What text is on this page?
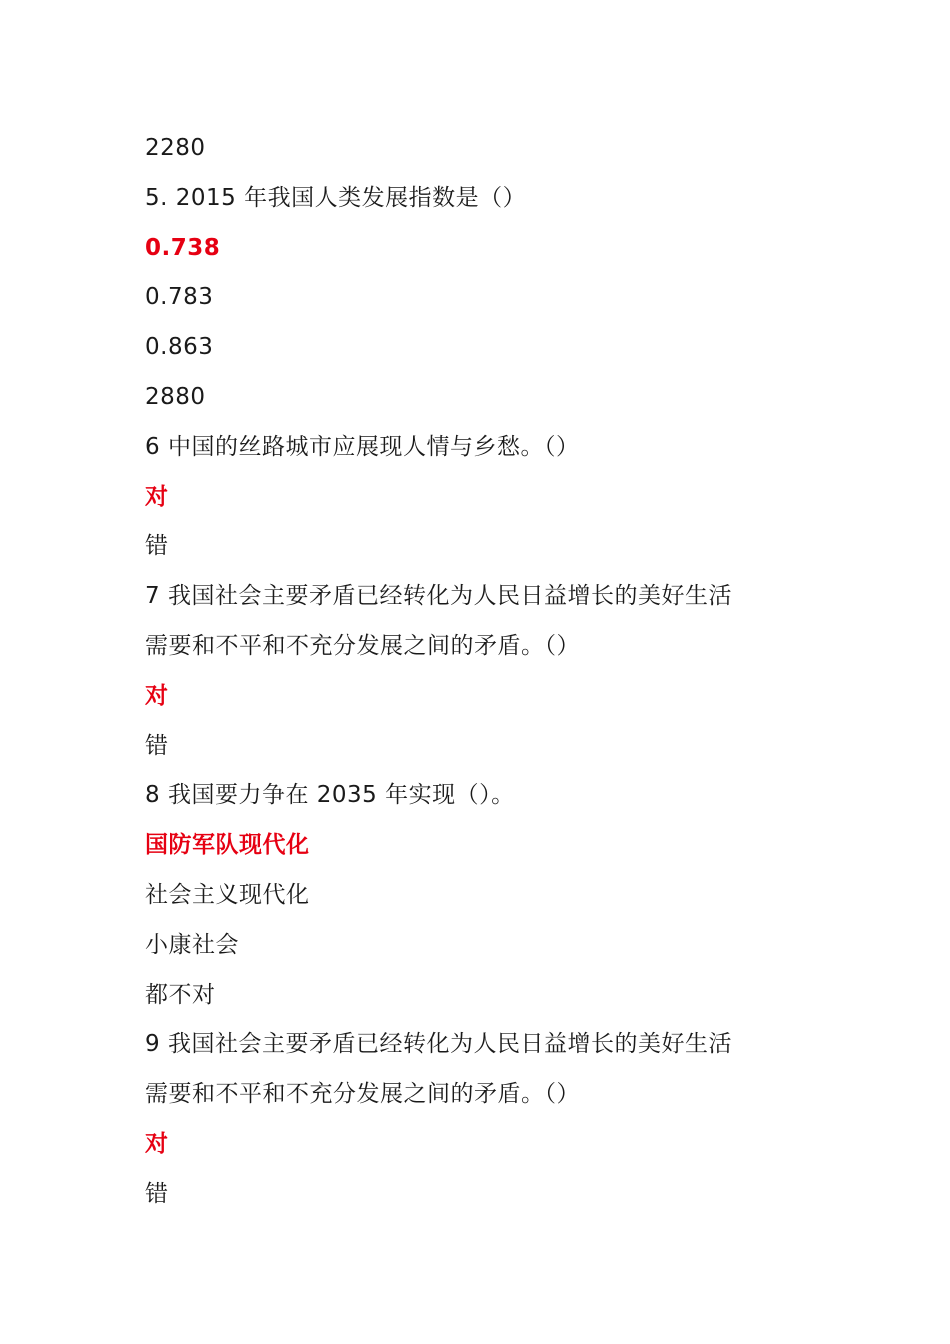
2280
5. 2015 年我国人类发展指数是（）
0.738
0.783
0.863
2880
6 中国的丝路城市应展现人情与乡愁。（）
对
错
7 我国社会主要矛盾已经转化为人民日益增长的美好生活
需要和不平和不充分发展之间的矛盾。（）
对
错
8 我国要力争在 2035 年实现（）。
国防军队现代化
社会主义现代化
小康社会
都不对
9 我国社会主要矛盾已经转化为人民日益增长的美好生活
需要和不平和不充分发展之间的矛盾。（）
对
错
